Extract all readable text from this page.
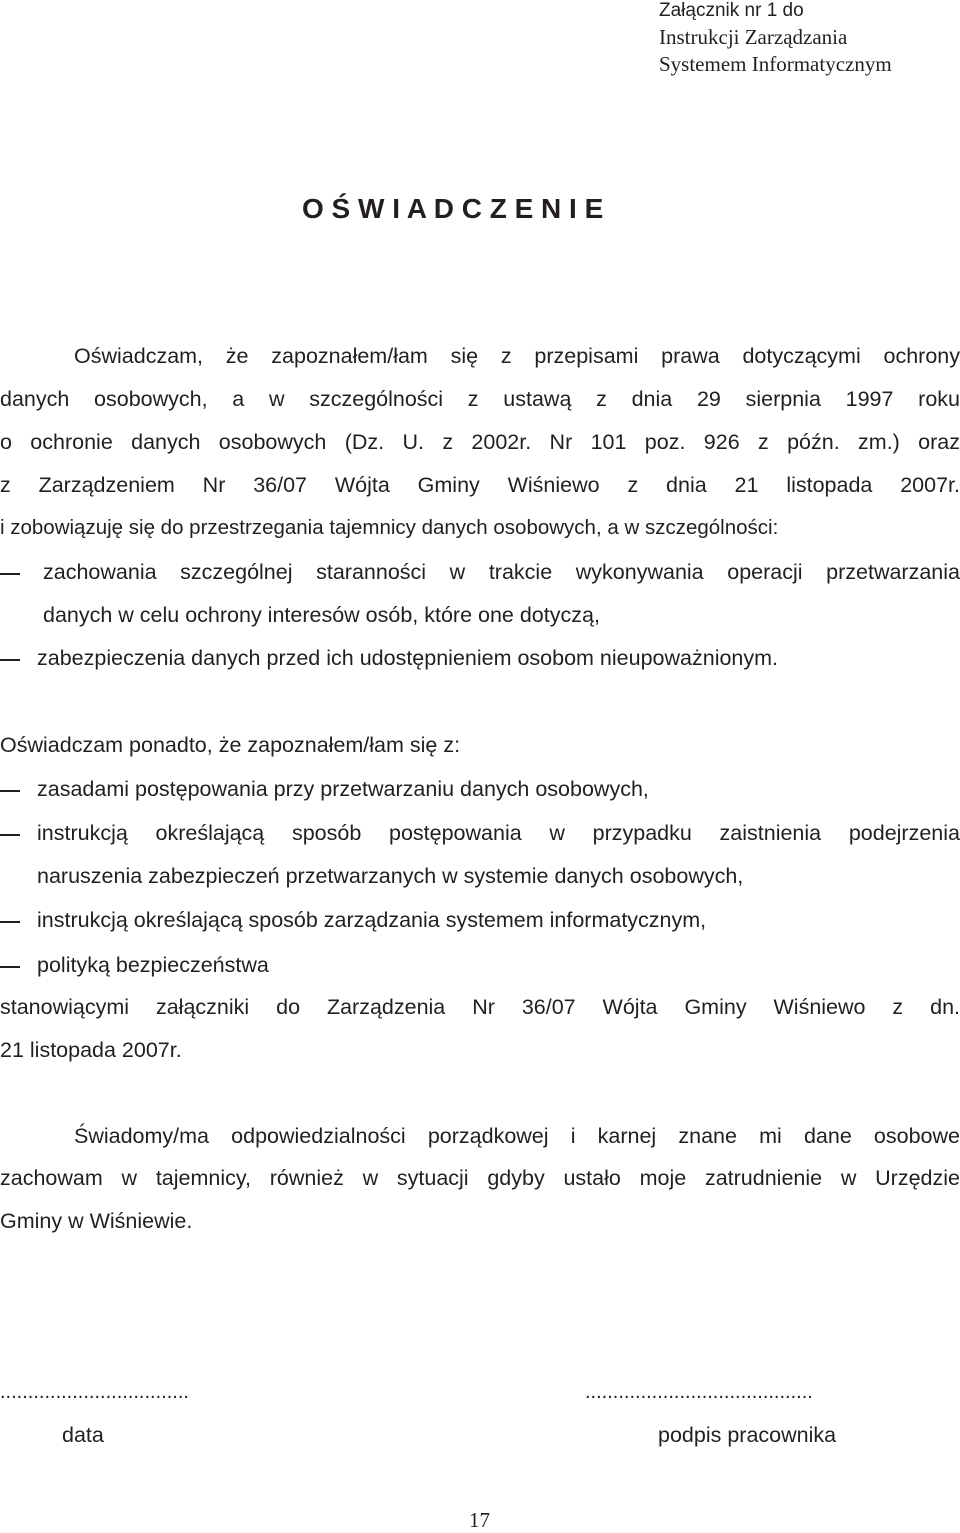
Załącznik nr 1 do
Instrukcji Zarządzania
Systemem Informatycznym
O Ś W I A D C Z E N I E
Oświadczam, że zapoznałem/łam się z przepisami prawa dotyczącymi ochrony
danych osobowych, a w szczególności z ustawą z dnia 29 sierpnia 1997 roku
o ochronie danych osobowych (Dz. U. z 2002r. Nr 101 poz. 926 z późn. zm.) oraz
z Zarządzeniem Nr 36/07 Wójta Gminy Wiśniewo z dnia 21 listopada 2007r.
i zobowiązuję się do przestrzegania tajemnicy danych osobowych, a w szczególności:
zachowania szczególnej staranności w trakcie wykonywania operacji przetwarzania
danych w celu ochrony interesów osób, które one dotyczą,
zabezpieczenia danych przed ich udostępnieniem osobom nieupoważnionym.
Oświadczam ponadto, że zapoznałem/łam się z:
zasadami postępowania przy przetwarzaniu danych osobowych,
instrukcją określającą sposób postępowania w przypadku zaistnienia podejrzenia
naruszenia zabezpieczeń przetwarzanych w systemie danych osobowych,
instrukcją określającą sposób zarządzania systemem informatycznym,
polityką bezpieczeństwa
stanowiącymi załączniki do Zarządzenia Nr 36/07 Wójta Gminy Wiśniewo z dn.
21 listopada 2007r.
Świadomy/ma odpowiedzialności porządkowej i karnej znane mi dane osobowe
zachowam w tajemnicy, również w sytuacji gdyby ustało moje zatrudnienie w Urzędzie
Gminy w Wiśniewie.
..................................	.........................................
data	podpis pracownika
17
